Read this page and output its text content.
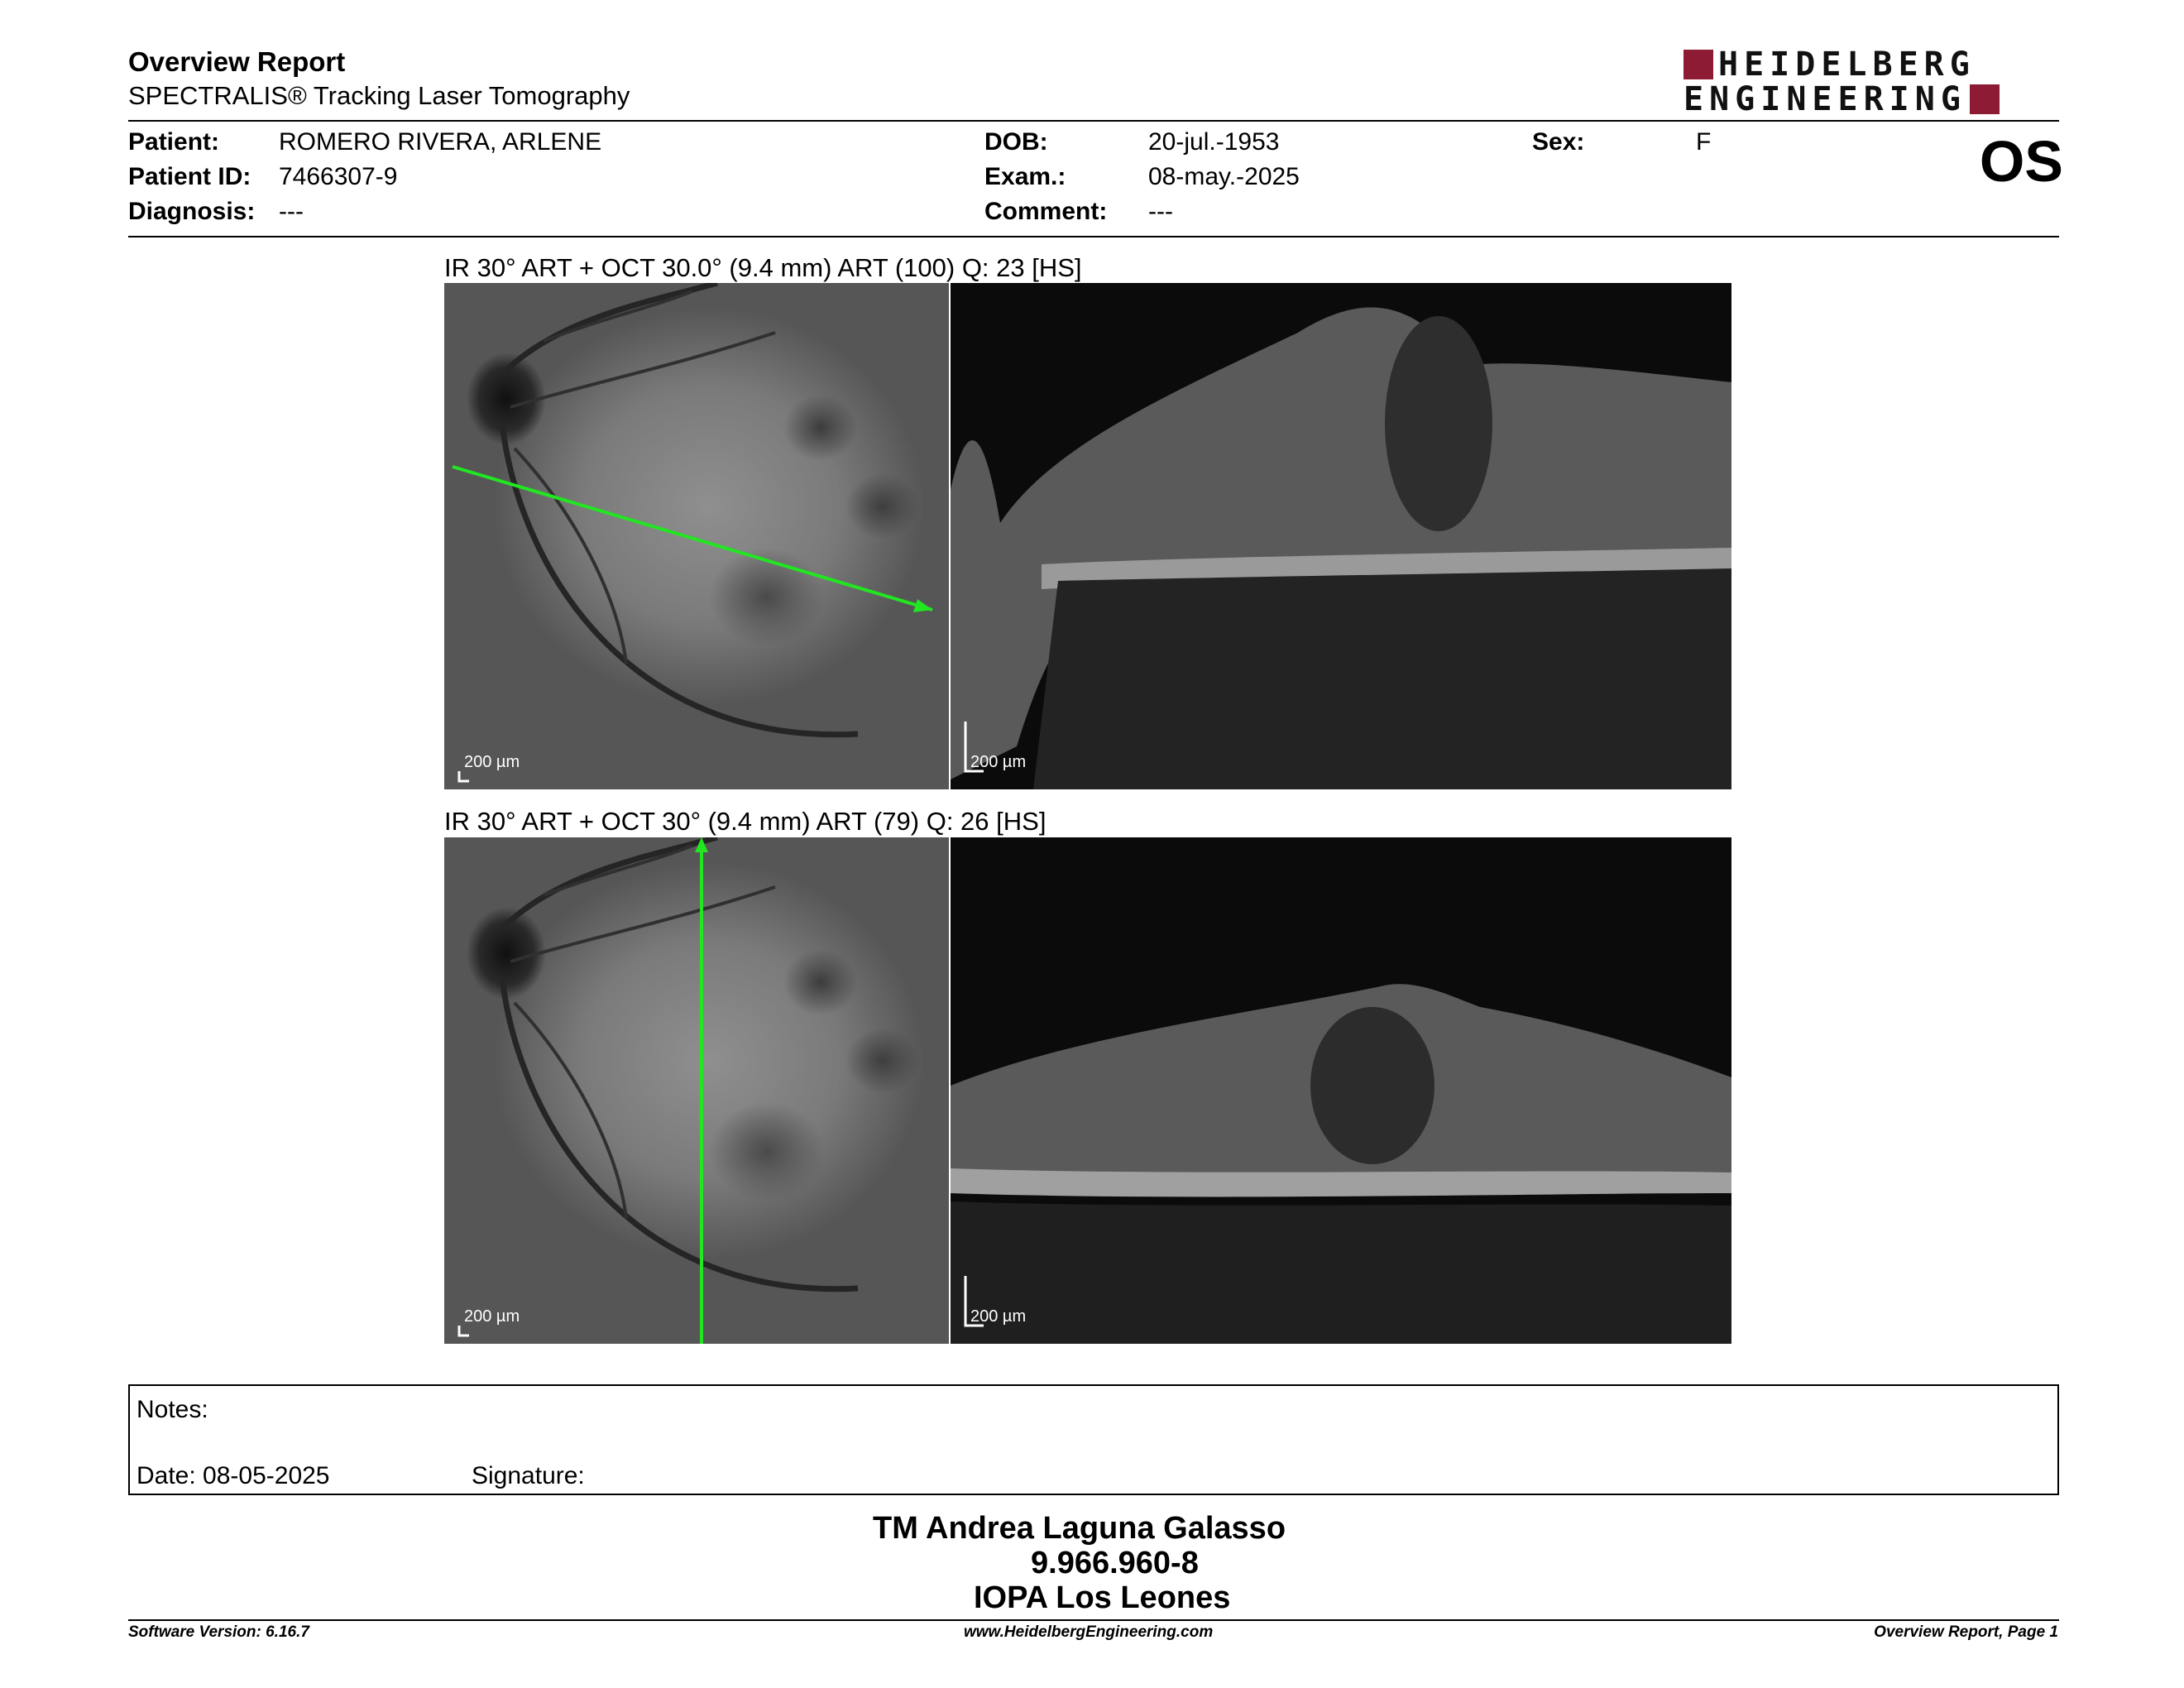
Overview Report
SPECTRALIS® Tracking Laser Tomography
HEIDELBERG
ENGINEERING
Patient: ROMERO RIVERA, ARLENE
Patient ID: 7466307-9
Diagnosis: ---
DOB:	20-jul.-1953
Exam.:	08-may.-2025
Comment: ---
Sex:	F	OS
IR 30° ART + OCT 30.0° (9.4 mm) ART (100) Q: 23 [HS]
200 µm	200 µm
IR 30° ART + OCT 30° (9.4 mm) ART (79) Q: 26 [HS]
200 µm	200 µm
Notes:
Date: 08-05-2025	Signature:
TM Andrea Laguna Galasso
9.966.960-8
IOPA Los Leones
Software Version: 6.16.7	www.HeidelbergEngineering.com	Overview Report, Page 1
